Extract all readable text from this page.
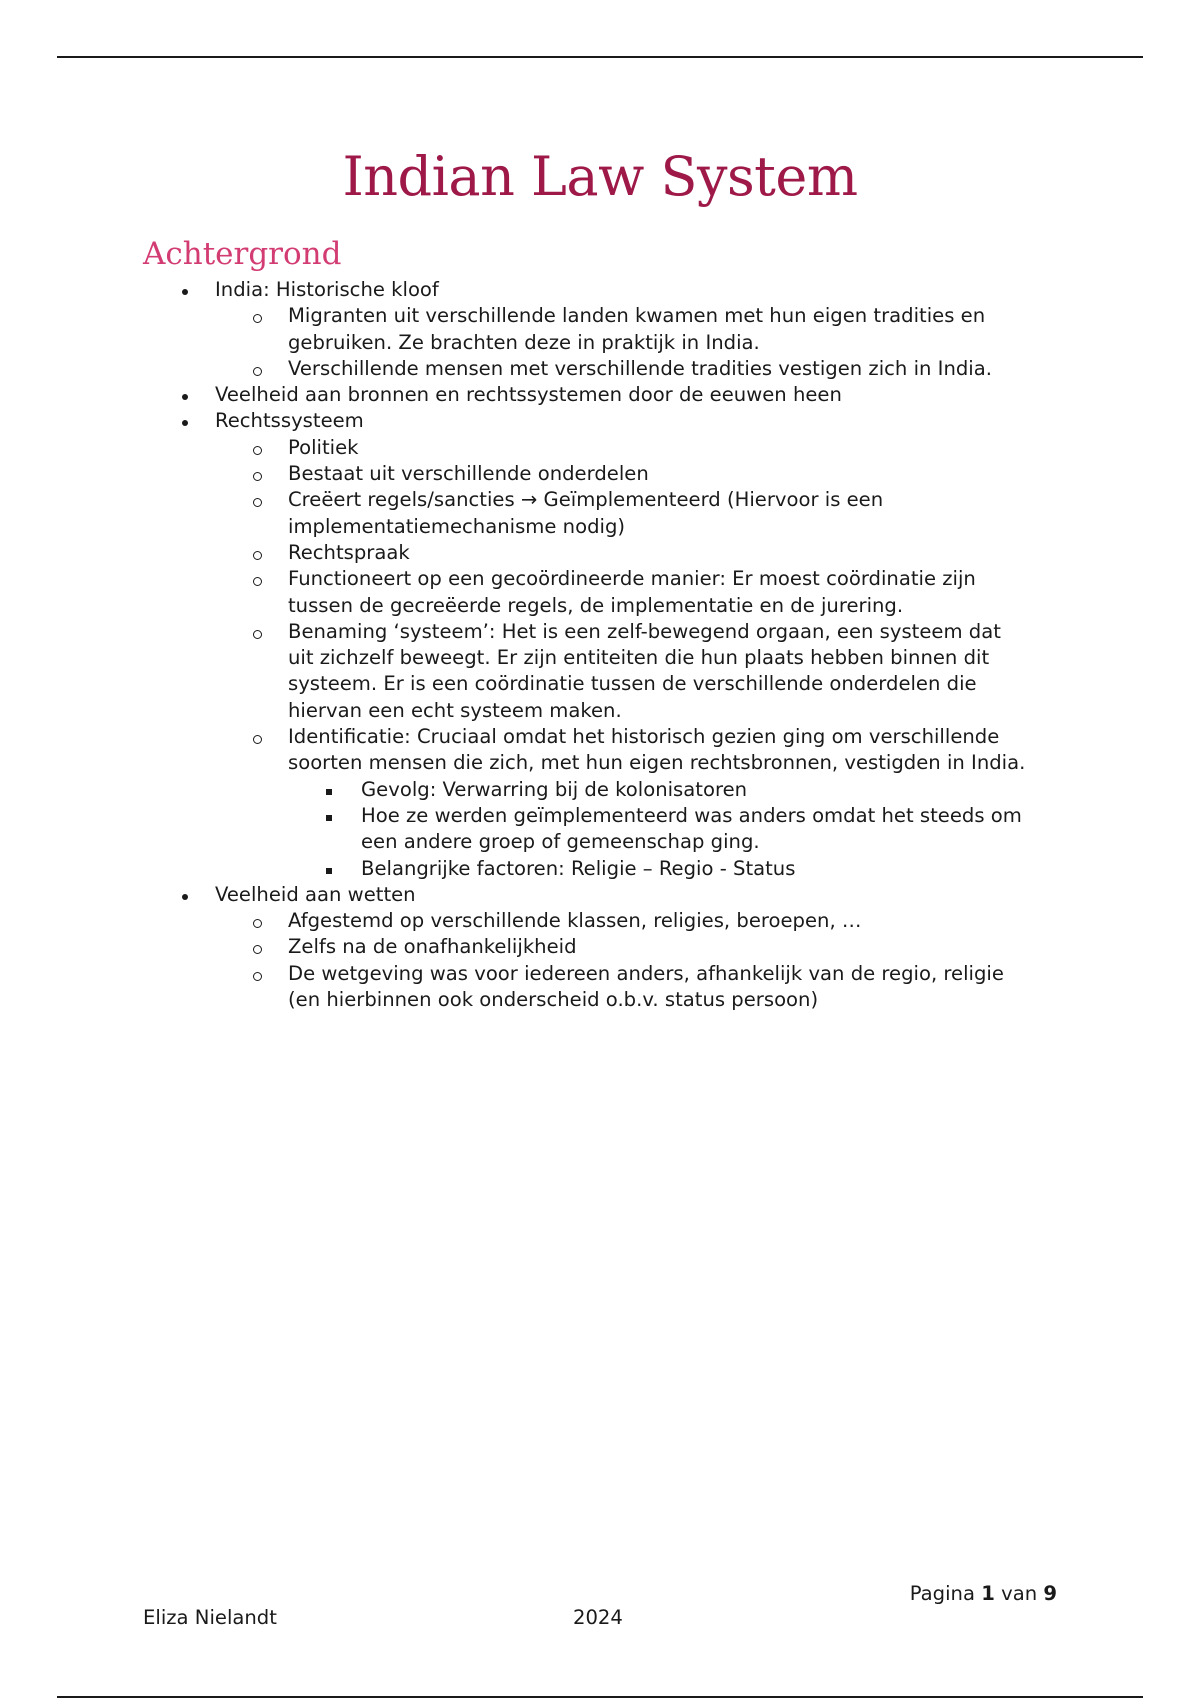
Indian Law System
Achtergrond
India: Historische kloof
Migranten uit verschillende landen kwamen met hun eigen tradities en
gebruiken. Ze brachten deze in praktijk in India.
Verschillende mensen met verschillende tradities vestigen zich in India.
Veelheid aan bronnen en rechtssystemen door de eeuwen heen
Rechtssysteem
Politiek
Bestaat uit verschillende onderdelen
Creëert regels/sancties → Geïmplementeerd (Hiervoor is een
implementatiemechanisme nodig)
Rechtspraak
Functioneert op een gecoördineerde manier: Er moest coördinatie zijn
tussen de gecreëerde regels, de implementatie en de jurering.
Benaming ‘systeem’: Het is een zelf-bewegend orgaan, een systeem dat
uit zichzelf beweegt. Er zijn entiteiten die hun plaats hebben binnen dit
systeem. Er is een coördinatie tussen de verschillende onderdelen die
hiervan een echt systeem maken.
Identificatie: Cruciaal omdat het historisch gezien ging om verschillende
soorten mensen die zich, met hun eigen rechtsbronnen, vestigden in India.
Gevolg: Verwarring bij de kolonisatoren
Hoe ze werden geïmplementeerd was anders omdat het steeds om
een andere groep of gemeenschap ging.
Belangrijke factoren: Religie – Regio - Status
Veelheid aan wetten
Afgestemd op verschillende klassen, religies, beroepen, …
Zelfs na de onafhankelijkheid
De wetgeving was voor iedereen anders, afhankelijk van de regio, religie
(en hierbinnen ook onderscheid o.b.v. status persoon)
Pagina 1 van 9
Eliza Nielandt	2024
